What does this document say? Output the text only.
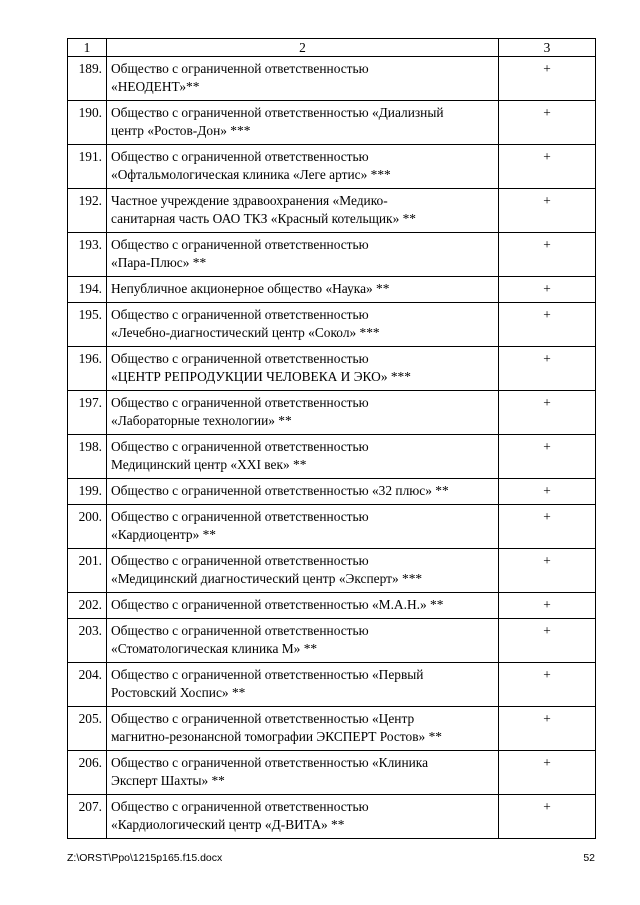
1	2	3
189.	Общество с ограниченной ответственностью
«НЕОДЕНТ»**	+
190.	Общество с ограниченной ответственностью «Диализный
центр «Ростов-Дон» ***	+
191.	Общество с ограниченной ответственностью
«Офтальмологическая клиника «Леге артис» ***	+
192.	Частное учреждение здравоохранения «Медико-
санитарная часть ОАО ТКЗ «Красный котельщик» **	+
193.	Общество с ограниченной ответственностью
«Пара-Плюс» **	+
194.	Непубличное акционерное общество «Наука» **	+
195.	Общество с ограниченной ответственностью
«Лечебно-диагностический центр «Сокол» ***	+
196.	Общество с ограниченной ответственностью
«ЦЕНТР РЕПРОДУКЦИИ ЧЕЛОВЕКА И ЭКО» ***	+
197.	Общество с ограниченной ответственностью
«Лабораторные технологии» **	+
198.	Общество с ограниченной ответственностью
Медицинский центр «XXI век» **	+
199.	Общество с ограниченной ответственностью «32 плюс» **	+
200.	Общество с ограниченной ответственностью
«Кардиоцентр» **	+
201.	Общество с ограниченной ответственностью
«Медицинский диагностический центр «Эксперт» ***	+
202.	Общество с ограниченной ответственностью «М.А.Н.» **	+
203.	Общество с ограниченной ответственностью
«Стоматологическая клиника М» **	+
204.	Общество с ограниченной ответственностью «Первый
Ростовский Хоспис» **	+
205.	Общество с ограниченной ответственностью «Центр
магнитно-резонансной томографии ЭКСПЕРТ Ростов» **	+
206.	Общество с ограниченной ответственностью «Клиника
Эксперт Шахты» **	+
207.	Общество с ограниченной ответственностью
«Кардиологический центр «Д-ВИТА» **	+
Z:\ORST\Ppo\1215p165.f15.docx	52
